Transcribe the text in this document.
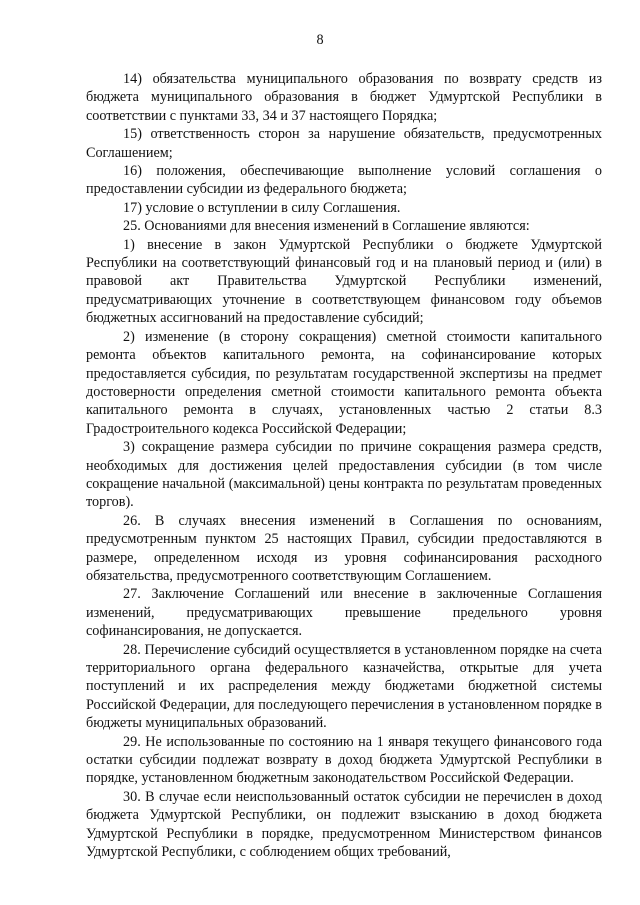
8

14) обязательства муниципального образования по возврату средств из бюджета муниципального образования в бюджет Удмуртской Республики в соответствии с пунктами 33, 34 и 37 настоящего Порядка;

15) ответственность сторон за нарушение обязательств, предусмотренных Соглашением;

16) положения, обеспечивающие выполнение условий соглашения о предоставлении субсидии из федерального бюджета;

17) условие о вступлении в силу Соглашения.

25. Основаниями для внесения изменений в Соглашение являются:

1) внесение в закон Удмуртской Республики о бюджете Удмуртской Республики на соответствующий финансовый год и на плановый период и (или) в правовой акт Правительства Удмуртской Республики изменений, предусматривающих уточнение в соответствующем финансовом году объемов бюджетных ассигнований на предоставление субсидий;

2) изменение (в сторону сокращения) сметной стоимости капитального ремонта объектов капитального ремонта, на софинансирование которых предоставляется субсидия, по результатам государственной экспертизы на предмет достоверности определения сметной стоимости капитального ремонта объекта капитального ремонта в случаях, установленных частью 2 статьи 8.3 Градостроительного кодекса Российской Федерации;

3) сокращение размера субсидии по причине сокращения размера средств, необходимых для достижения целей предоставления субсидии (в том числе сокращение начальной (максимальной) цены контракта по результатам проведенных торгов).

26. В случаях внесения изменений в Соглашения по основаниям, предусмотренным пунктом 25 настоящих Правил, субсидии предоставляются в размере, определенном исходя из уровня софинансирования расходного обязательства, предусмотренного соответствующим Соглашением.

27. Заключение Соглашений или внесение в заключенные Соглашения изменений, предусматривающих превышение предельного уровня софинансирования, не допускается.

28. Перечисление субсидий осуществляется в установленном порядке на счета территориального органа федерального казначейства, открытые для учета поступлений и их распределения между бюджетами бюджетной системы Российской Федерации, для последующего перечисления в установленном порядке в бюджеты муниципальных образований.

29. Не использованные по состоянию на 1 января текущего финансового года остатки субсидии подлежат возврату в доход бюджета Удмуртской Республики в порядке, установленном бюджетным законодательством Российской Федерации.

30. В случае если неиспользованный остаток субсидии не перечислен в доход бюджета Удмуртской Республики, он подлежит взысканию в доход бюджета Удмуртской Республики в порядке, предусмотренном Министерством финансов Удмуртской Республики, с соблюдением общих требований,
